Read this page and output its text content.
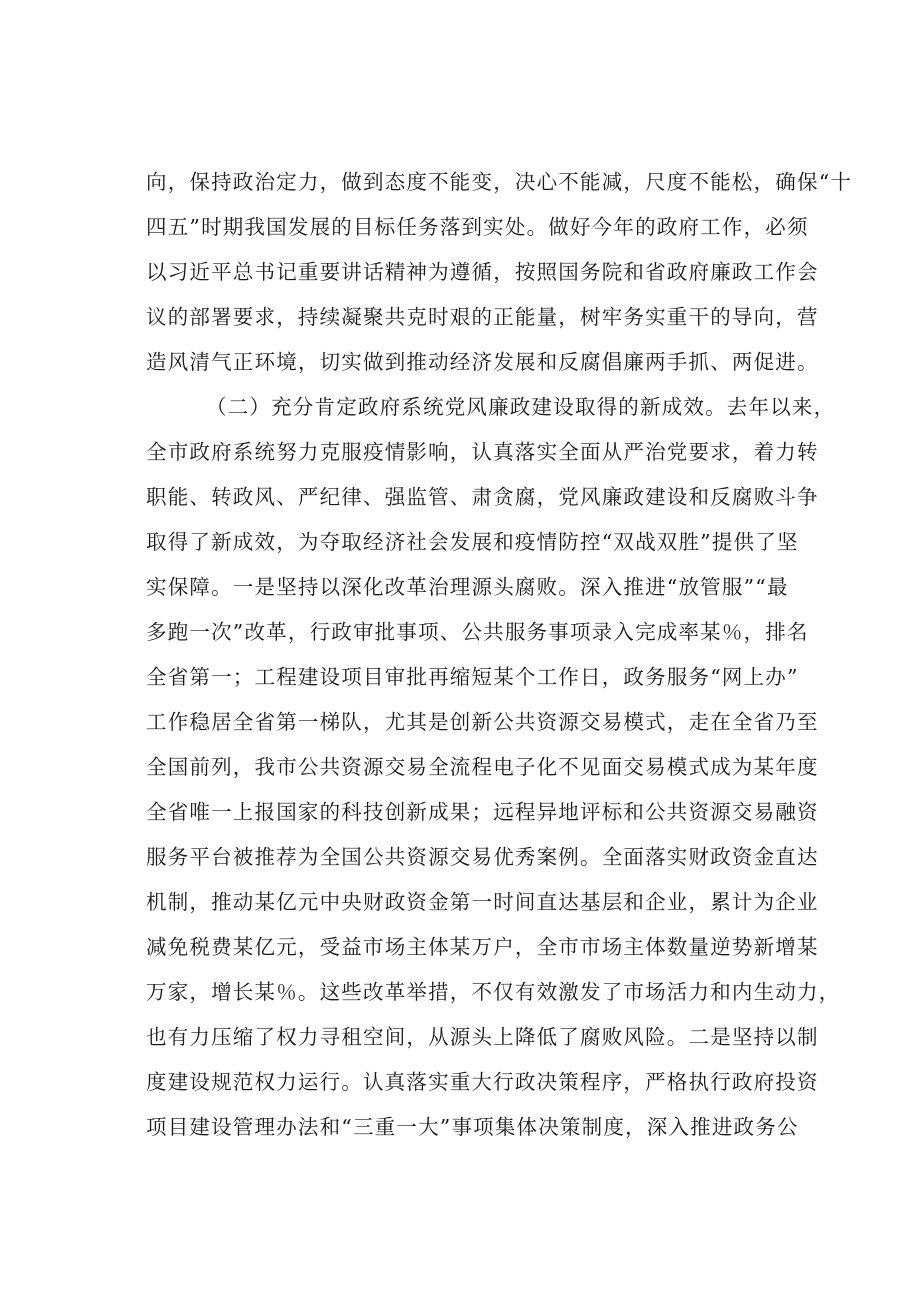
向，保持政治定力，做到态度不能变，决心不能减，尺度不能松，确保“十
四五”时期我国发展的目标任务落到实处。做好今年的政府工作，必须
以习近平总书记重要讲话精神为遵循，按照国务院和省政府廉政工作会
议的部署要求，持续凝聚共克时艰的正能量，树牢务实重干的导向，营
造风清气正环境，切实做到推动经济发展和反腐倡廉两手抓、两促进。
（二）充分肯定政府系统党风廉政建设取得的新成效。去年以来，
全市政府系统努力克服疫情影响，认真落实全面从严治党要求，着力转
职能、转政风、严纪律、强监管、肃贪腐，党风廉政建设和反腐败斗争
取得了新成效，为夺取经济社会发展和疫情防控“双战双胜”提供了坚
实保障。一是坚持以深化改革治理源头腐败。深入推进“放管服”“最
多跑一次”改革，行政审批事项、公共服务事项录入完成率某％，排名
全省第一；工程建设项目审批再缩短某个工作日，政务服务“网上办”
工作稳居全省第一梯队，尤其是创新公共资源交易模式，走在全省乃至
全国前列，我市公共资源交易全流程电子化不见面交易模式成为某年度
全省唯一上报国家的科技创新成果；远程异地评标和公共资源交易融资
服务平台被推荐为全国公共资源交易优秀案例。全面落实财政资金直达
机制，推动某亿元中央财政资金第一时间直达基层和企业，累计为企业
减免税费某亿元，受益市场主体某万户，全市市场主体数量逆势新增某
万家，增长某％。这些改革举措，不仅有效激发了市场活力和内生动力，
也有力压缩了权力寻租空间，从源头上降低了腐败风险。二是坚持以制
度建设规范权力运行。认真落实重大行政决策程序，严格执行政府投资
项目建设管理办法和“三重一大”事项集体决策制度，深入推进政务公
